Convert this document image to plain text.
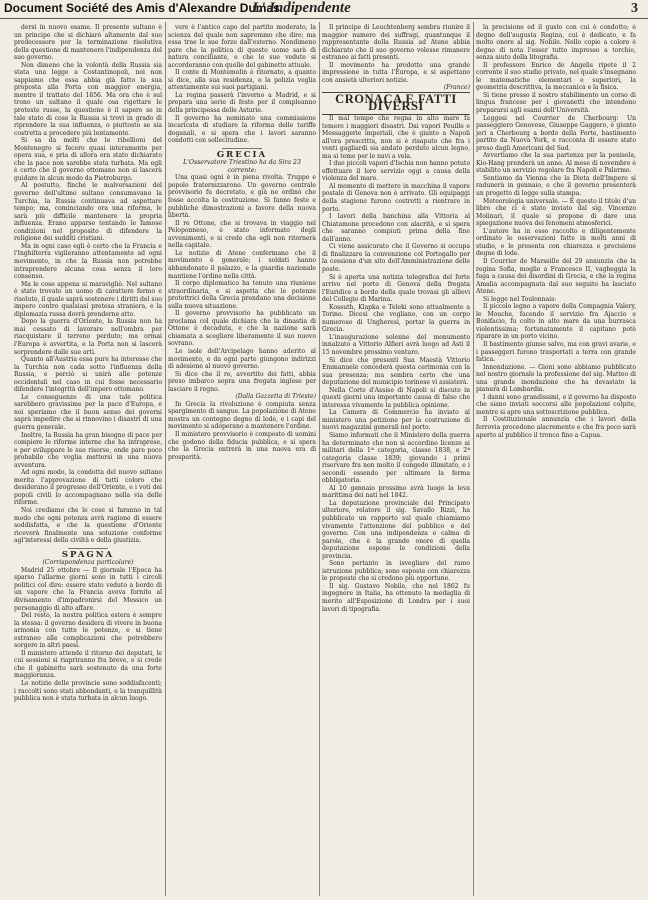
Document Société des Amis d'Alexandre Dumas
L' Indipendente	3

dersi in nuovo esame. Il presente sultano è un principe che si dichiarò altamente dal suo predecessore per la terminazione risolutiva della questione di mantenere l'indipendenza del suo governo.

Non dimeno che la volontà della Russia sia stata una legge a Costantinopoli, noi non sappiamo che essa abbia già fatto la sua proposta alla Porta con maggior energia, mentre il trattato del 1856. Ma ora che è sul trono un sultano il quale osa rigettare le proteste russe, la questione è il sapere se in tale stato di cose la Russia si trovi in grado di riprendere la sua influenza, o piuttosto se sia costretta a procedere più lentamente.

Si sa da molti che le ribellioni del Montenegro si fecero quasi interamente per opera sua, e pria di allora era stato dichiarato che la pace non sarebbe stata turbata. Ma egli è certo che il governo ottomano non si lascerà guidare in alcun modo da Pietroburgo.

Al postutto, finché le malversazioni del governo dell'ultimo sultano consumavano la Turchia, la Russia continuava ad aspettare tempo; ma, cominciando ora una riforma, le sarà più difficile mantenere la propria influenza. Erano apparse tentando le famose condizioni nel proposito di difendere la religione dei sudditi cristiani.

Ma in ogni caso egli è certo che la Francia e l'Inghilterra vigileranno attentamente ad ogni movimento, in che la Russia non potrebbe intraprendere alcuna cosa senza il loro consenso.

Ma le cose appena si maravigliò. Nel sultano è stato trovato un uomo di carattere fermo e risoluto, il quale saprà sostenere i diritti del suo impero contro qualsiasi pretesa straniera, e la diplomazia russa dovrà prenderne atto.

Dopo la guerra d'Oriente, la Russia non ha mai cessato di lavorare nell'ombra per riacquistare il terreno perduto; ma ormai l'Europa è avvertita, e la Porta non si lascerà sorprendere dalle sue arti.

Quanto all'Austria essa pure ha interesse che la Turchia non cada sotto l'influenza della Russia, e perciò si unirà alle potenze occidentali nel caso in cui fosse necessario difendere l'integrità dell'impero ottomano.

Le conseguenze di una tale politica sarebbero gravissime per la pace d'Europa, e noi speriamo che il buon senso dei governi saprà impedire che si rinnovino i disastri di una guerra generale.

Inoltre, la Russia ha gran bisogno di pace per compiere le riforme interne che ha intraprese, e per sviluppare le sue risorse, onde pare poco probabile che voglia mettersi in una nuova avventura.

Ad ogni modo, la condotta del nuovo sultano merita l'approvazione di tutti coloro che desiderano il progresso dell'Oriente, e i voti dei popoli civili lo accompagnano nella via delle riforme.

Noi crediamo che le cose si faranno in tal modo che ogni potenza avrà ragione di essere soddisfatta, e che la questione d'Oriente riceverà finalmente una soluzione conforme agl'interessi della civiltà e della giustizia.

SPAGNA

(Corrispondenza particolare)

Madrid 25 ottobre — Il giornale l'Epoca ha sparso l'allarme giorni sono in tutti i circoli politici col dire: essere stato veduto a bordo di un vapore che la Francia aveva fornito al divisamento d'impadronirsi del Messico un personaggio di alto affare.

Del resto, la nostra politica estera è sempre la stessa: il governo desidera di vivere in buona armonia con tutte le potenze, e si tiene estraneo alle complicazioni che potrebbero sorgere in altri paesi.

Il ministero attende il ritorno dei deputati, le cui sessioni si riapriranno fra breve, e si crede che il gabinetto sarà sostenuto da una forte maggioranza.

Le notizie delle provincie sono soddisfacenti; i raccolti sono stati abbondanti, e la tranquillità pubblica non è stata turbata in alcun luogo.

vere è l'antico capo del partito moderato, la scienza del quale non sapremmo che dire; ma essa trae le sue forze dall'esterno. Nondimeno pare che la politica di questo uomo sarà di natura conciliante, e che le sue vedute si accorderanno con quelle del gabinetto attuale.

Il conte di Montemolin è ritornato, a quanto si dice, alla sua residenza, e la polizia veglia attentamente sui suoi partigiani.

La regina passerà l'inverno a Madrid, e si prepara una serie di feste per il compleanno della principessa delle Asturie.

Il governo ha nominato una commissione incaricata di studiare la riforma delle tariffe doganali, e si spera che i lavori saranno condotti con sollecitudine.

GRECIA

L'Osservatore Triestino ha da Sira 23 corrente:

Una quasi ogni è in piena rivolta. Truppe e popolo fraternizzarono. Un governo centrale provvisorio fu decretato, e già ne ordinò che fosse accolta la costituzione. Si fanno feste e pubbliche dimostrazioni a favore della nuova libertà.

Il re Ottone, che si trovava in viaggio nel Peloponneso, è stato informato degli avvenimenti, e si crede che egli non ritornerà nella capitale.

Le notizie di Atene confermano che il movimento è generale; i soldati hanno abbandonato il palazzo, e la guardia nazionale mantiene l'ordine nella città.

Il corpo diplomatico ha tenuto una riunione straordinaria, e si aspetta che le potenze protettrici della Grecia prendano una decisione sulla nuova situazione.

Il governo provvisorio ha pubblicato un proclama col quale dichiara che la dinastia di Ottone è decaduta, e che la nazione sarà chiamata a scegliere liberamente il suo nuovo sovrano.

Le isole dell'Arcipelago hanno aderito al movimento, e da ogni parte giungono indirizzi di adesione al nuovo governo.

Si dice che il re, avvertito dei fatti, abbia preso imbarco sopra una fregata inglese per lasciare il regno.

(Dalla Gazzetta di Trieste)

In Grecia la rivoluzione è compiuta senza spargimento di sangue. La popolazione di Atene mostra un contegno degno di lode, e i capi del movimento si adoperano a mantenere l'ordine.

Il ministero provvisorio è composto di uomini che godono della fiducia pubblica, e si spera che la Grecia entrerà in una nuova era di prosperità.

Il principe di Leuchtenberg sembra riunire il maggior numero dei suffragi, quantunque il rappresentante della Russia ad Atene abbia dichiarato che il suo governo volesse rimanere estraneo ai fatti presenti.

Il movimento ha prodotto una grande impressione in tutta l'Europa, e si aspettano con ansietà ulteriori notizie.

(France)

CRONACA E FATTI DIVERSI

Il mal tempo che regna in alto mare fa temere i maggiori disastri. Dai vapori Peuille e Messaggerie imperiali, che è giunto a Napoli all'ora prescritta, non si è risaputo che fra i venti gagliardi sia andato perduto alcun legno, ma si teme per le navi a vela.

I due piccoli vapori d'Ischia non hanno potuto effettuare il loro servizio oggi a causa della violenza del mare.

Al momento di mettere in macchina il vapore postale di Genova non è arrivato. Gli equipaggi della stagione furono costretti a rientrare in porto.

I lavori della banchina alla Vittoria al Chiatamone procedono con alacrità, e si spera che saranno compiuti prima della fine dell'anno.

Ci viene assicurato che il Governo si occupa di finalizzare la convenzione col Portogallo per la cessione d'un sito dell'Amministrazione delle poste.

Si è aperta una notizia telegrafica del forte arrivo nel porto di Genova della fregata l'Euridice a bordo della quale trovasi gli allievi del Collegio di Marina.

Kossuth, Klapka e Teleki sono attualmente a Torino. Dicesi che vogliano, con un corpo numeroso di Ungheresi, portar la guerra in Grecia.

L'inaugurazione solenne del monumento innalzato a Vittorio Alfieri avrà luogo ad Asti il 15 novembre prossimo venturo.

Si dice che presenti Sua Maestà Vittorio Emmanuele concederà questa cerimonia con la sua presenza; ma sembra certo che una deputazione del municipio torinese vi assisterà.

Nella Corte d'Assise di Napoli si discute in questi giorni una importante causa di falso che interessa vivamente la pubblica opinione.

La Camera di Commercio ha inviato al ministero una petizione per la costruzione di nuovi magazzini generali nel porto.

Siamo informati che il Ministero della guerra ha determinato che non si accordino licenze ai militari della 1ª categoria, classe 1838, e 2ª categoria classe 1839; giovando i primi riservare fra non molto il congedo illimitato, e i secondi essendo per ultimare la ferma obbligatoria.

Al 10 gennaio prossimo avrà luogo la leva marittima dei nati nel 1842.

La deputazione provinciale del Principato ulteriore, relatore il sig. Savallo Rizzi, ha pubblicato un rapporto sul quale chiamiamo vivamente l'attenzione del pubblico e del governo. Con una indipendenza e calma di parole, che è la grande onore di quella deputazione espone le condizioni della provincia.

Sono pertanto in isvegliare del ramo istruzione pubblica; sono esposte con chiarezza le proposte che si credono più opportune.

Il sig. Gustavo Nobile, che nel 1862 fu ingegnere in Italia, ha ottenuto la medaglia di merito all'Esposizione di Londra per i suoi lavori di tipografia.

la precisione ed il gusto con cui è condotto; è degno dell'augusta Regina, cui è dedicato, e fa molto onore al sig. Nobile. Nello copie a colore è degno di nota l'esser tutto impresso a torchio, senza aiuto della litografia.

Il professore Enrico de Angelis ripete il 2 corrente il suo studio privato, nel quale s'insegnano le matematiche elementari e superiori, la geometria descrittiva, la meccanica e la fisica.

Si tiene presso il nostro stabilimento un corso di lingua francese per i giovanetti che intendono prepararsi agli esami dell'Università.

Leggesi nel Courrier de Cherbourg: Un passeggiero Genovese, Giuseppe Gaggero, è giunto jeri a Cherbourg a bordo della Forte, bastimento partito da Nuova York, e racconta di essere stato preso dagli Americani del Sud.

Avvertiamo che la sua partenza per la penisola, Kio-Hang prenderà un anno. Al mese di novembre è stabilito un servizio regolare fra Napoli e Palermo.

Sentiamo da Vienna che la Dieta dell'Impero si radunerà in gennaio, e che il governo presenterà un progetto di legge sulla stampa.

Meteorologia universale. — È questo il titolo d'un libro che ci è stato inviato dal sig. Vincenzo Molinari, il quale si propone di dare una spiegazione nuova dei fenomeni atmosferici.

L'autore ha in esso raccolto e diligentemente ordinato le osservazioni fatte in molti anni di studio, e le presenta con chiarezza e precisione degne di lode.

Il Courrier de Marseille del 29 annunzia che la regina Sofia, moglie a Francesco II, vagheggia la fuga a causa dei disordini di Grecia, e che la regina Amalia accompagnata dal suo seguito ha lasciato Atene.

Si legge nel Toulonnais:

Il piccolo legno a vapore della Compagnia Valery, le Mouche, facendo il servizio fra Ajaccio e Bonifacio, fu colto in alto mare da una burrasca violentissima; fortunatamente il capitano potè riparare in un porto vicino.

Il bastimento giunse salvo, ma con gravi avarie, e i passeggeri furono trasportati a terra con grande fatica.

Innondazione. — Gioni sono abbiamo pubblicato nel nostro giornale la professione del sig. Matteo di una grande inondazione che ha devastato la pianura di Lombardia.

I danni sono grandissimi, e il governo ha disposto che siano inviati soccorsi alle popolazioni colpite, mentre si apre una sottoscrizione pubblica.

Il Costituzionale annunzia che i lavori della ferrovia procedono alacremente e che fra poco sarà aperto al pubblico il tronco fino a Capua.
